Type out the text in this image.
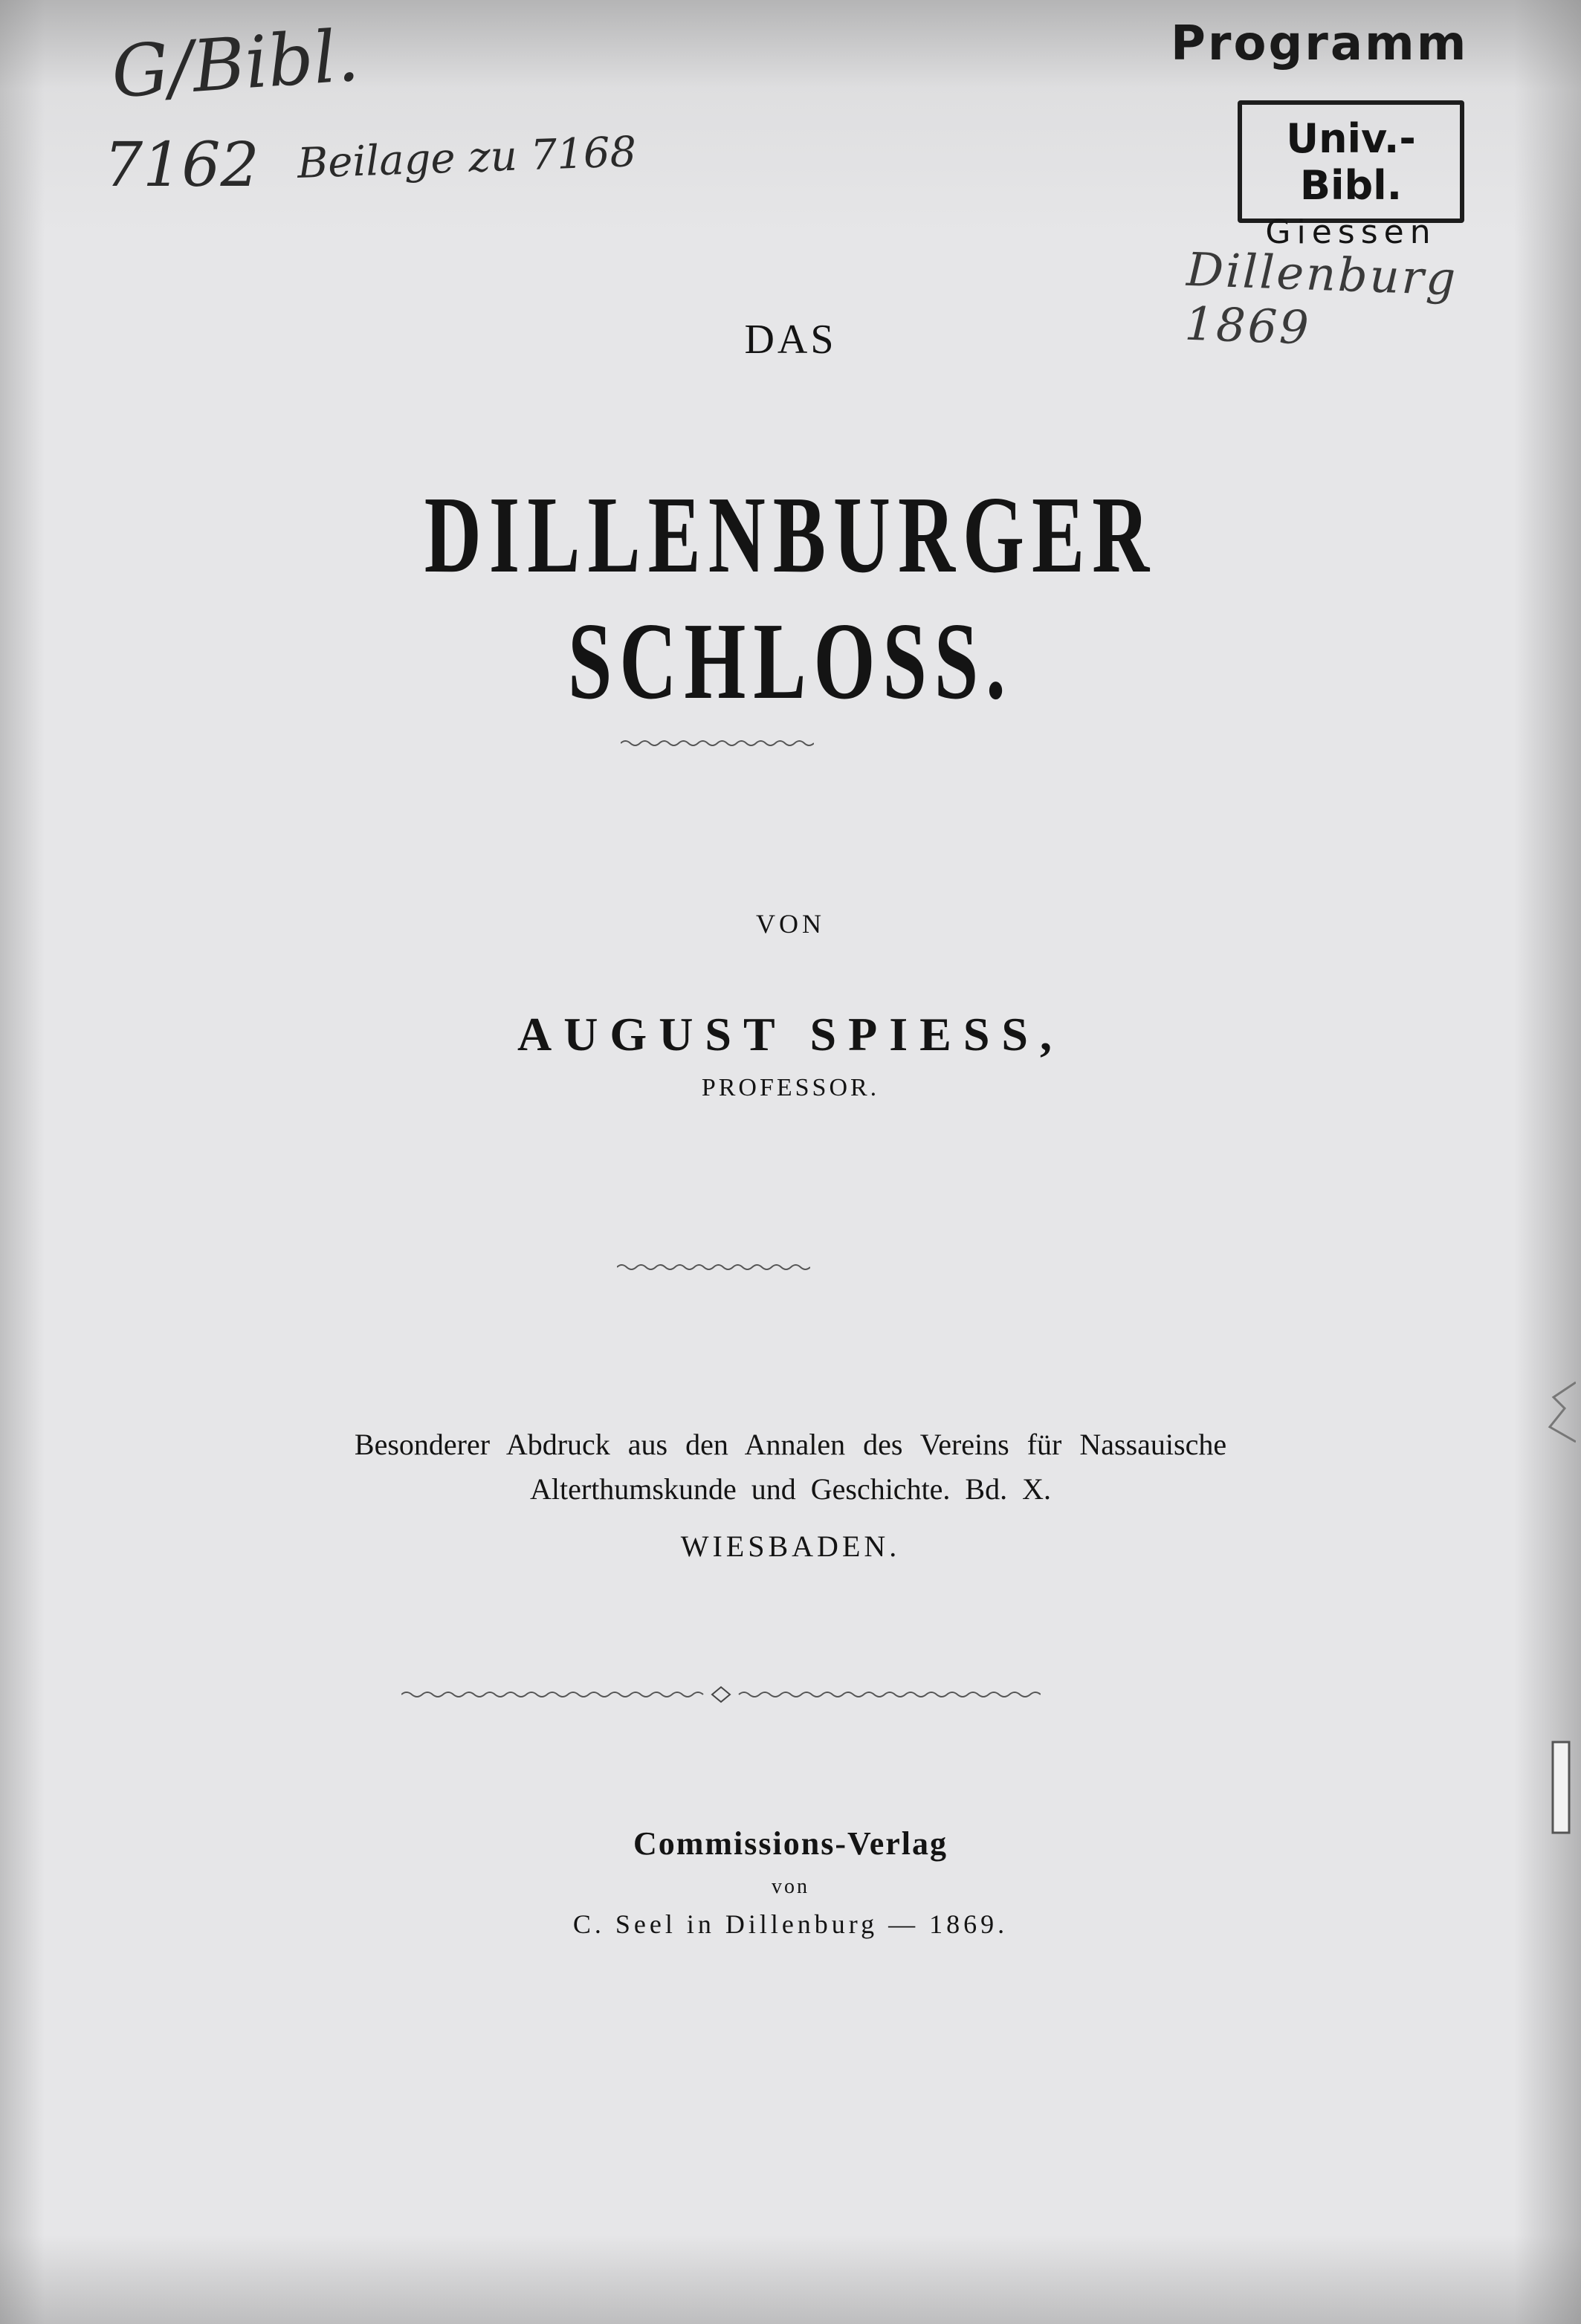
G/Bibl.
7162 Beilage zu 7168
Programm
Univ.-Bibl.
Giessen
Dillenburg 1869
DAS
DILLENBURGER SCHLOSS.
VON
AUGUST SPIESS,
PROFESSOR.
Besonderer Abdruck aus den Annalen des Vereins für Nassauische
Alterthumskunde und Geschichte. Bd. X.
WIESBADEN.
Commissions-Verlag
von
C. Seel in Dillenburg — 1869.
